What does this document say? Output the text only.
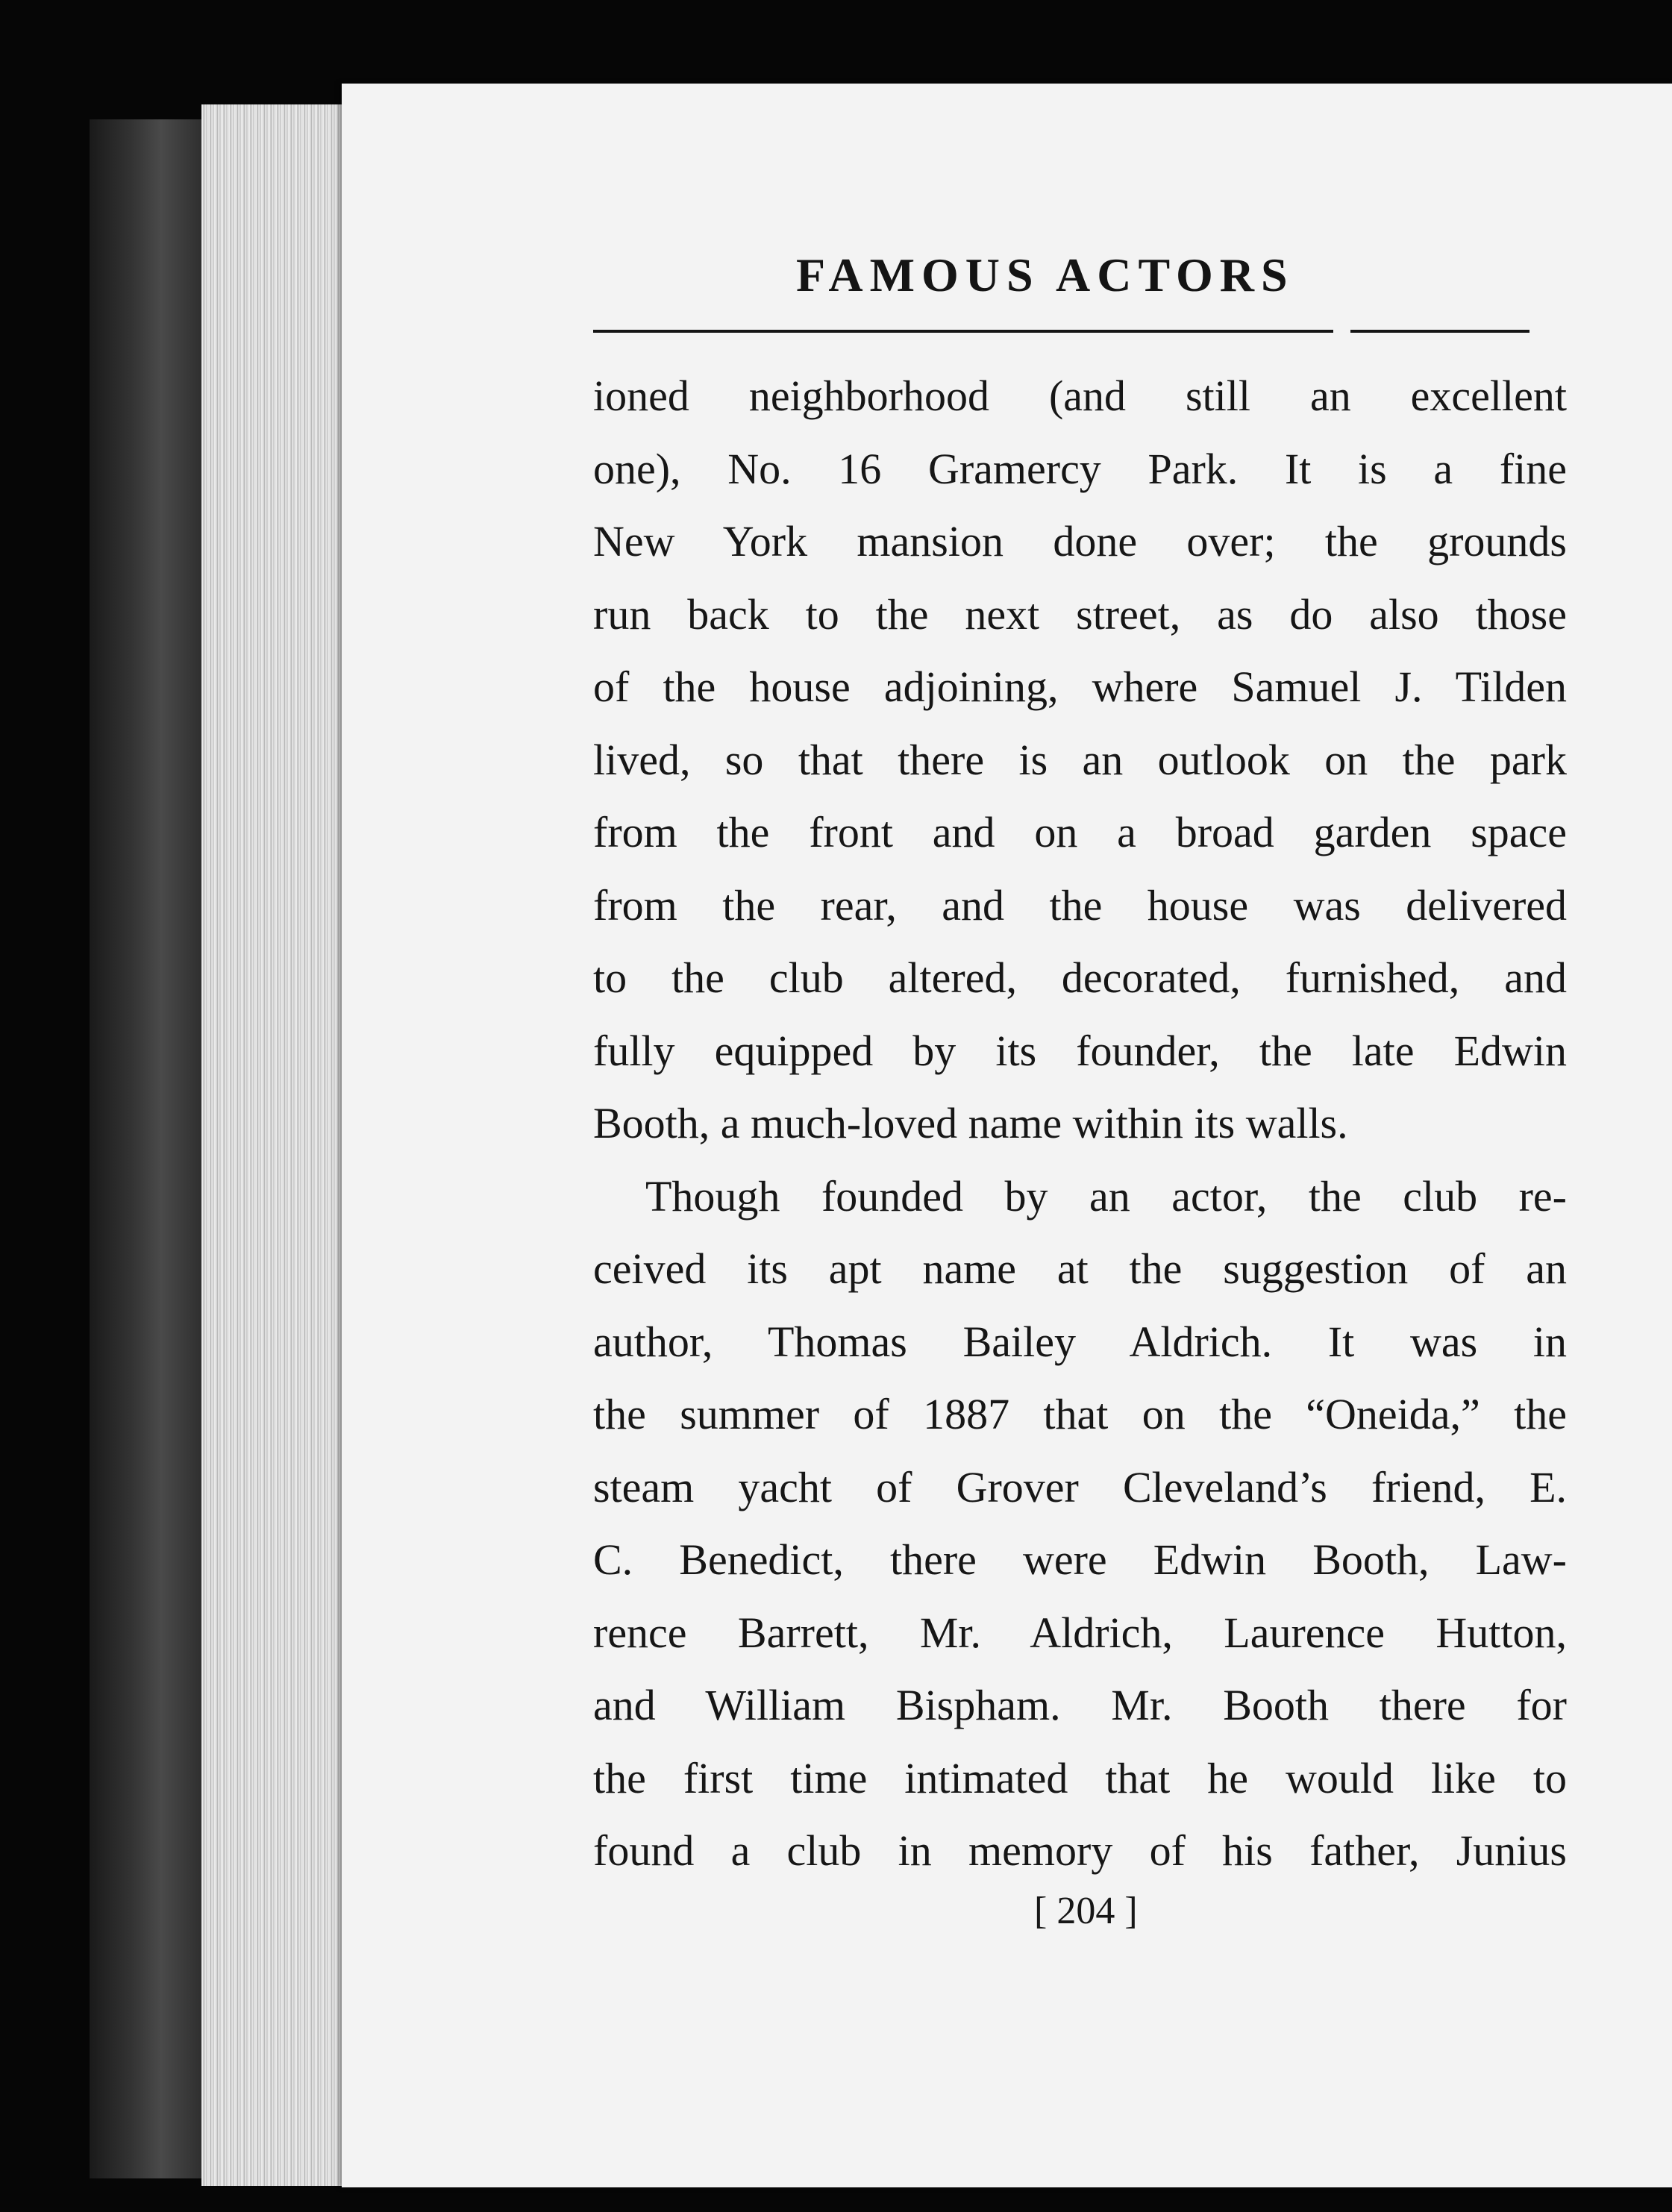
FAMOUS ACTORS
ioned neighborhood (and still an excellent
one), No. 16 Gramercy Park. It is a fine
New York mansion done over; the grounds
run back to the next street, as do also those
of the house adjoining, where Samuel J. Tilden
lived, so that there is an outlook on the park
from the front and on a broad garden space
from the rear, and the house was delivered
to the club altered, decorated, furnished, and
fully equipped by its founder, the late Edwin
Booth, a much-loved name within its walls.
Though founded by an actor, the club re-
ceived its apt name at the suggestion of an
author, Thomas Bailey Aldrich. It was in
the summer of 1887 that on the “Oneida,” the
steam yacht of Grover Cleveland’s friend, E.
C. Benedict, there were Edwin Booth, Law-
rence Barrett, Mr. Aldrich, Laurence Hutton,
and William Bispham. Mr. Booth there for
the first time intimated that he would like to
found a club in memory of his father, Junius
[ 204 ]
